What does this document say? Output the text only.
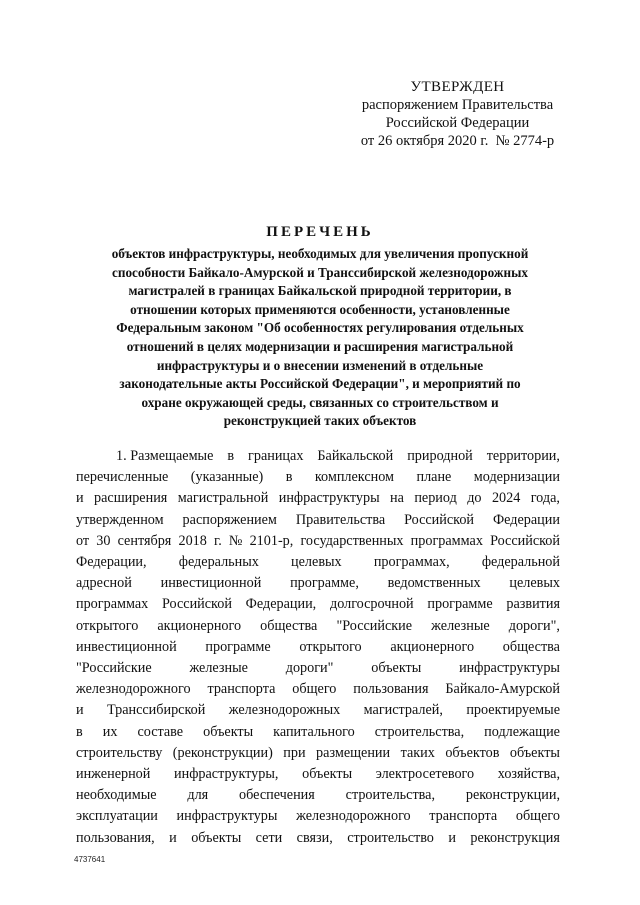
УТВЕРЖДЕН
распоряжением Правительства
Российской Федерации
от 26 октября 2020 г. № 2774-р
ПЕРЕЧЕНЬ
объектов инфраструктуры, необходимых для увеличения пропускной
способности Байкало-Амурской и Транссибирской железнодорожных
магистралей в границах Байкальской природной территории, в
отношении которых применяются особенности, установленные
Федеральным законом "Об особенностях регулирования отдельных
отношений в целях модернизации и расширения магистральной
инфраструктуры и о внесении изменений в отдельные
законодательные акты Российской Федерации", и мероприятий по
охране окружающей среды, связанных со строительством и
реконструкцией таких объектов
1. Размещаемые в границах Байкальской природной территории,
перечисленные (указанные) в комплексном плане модернизации
и расширения магистральной инфраструктуры на период до 2024 года,
утвержденном распоряжением Правительства Российской Федерации
от 30 сентября 2018 г. № 2101-р, государственных программах Российской
Федерации, федеральных целевых программах, федеральной
адресной инвестиционной программе, ведомственных целевых
программах Российской Федерации, долгосрочной программе развития
открытого акционерного общества "Российские железные дороги",
инвестиционной программе открытого акционерного общества
"Российские	железные	дороги"	объекты	инфраструктуры
железнодорожного транспорта общего пользования Байкало-Амурской
и Транссибирской железнодорожных магистралей, проектируемые
в их составе объекты капитального строительства, подлежащие
строительству (реконструкции) при размещении таких объектов объекты
инженерной инфраструктуры, объекты электросетевого хозяйства,
необходимые для обеспечения строительства, реконструкции,
эксплуатации инфраструктуры железнодорожного транспорта общего
пользования, и объекты сети связи, строительство и реконструкция
4737641
